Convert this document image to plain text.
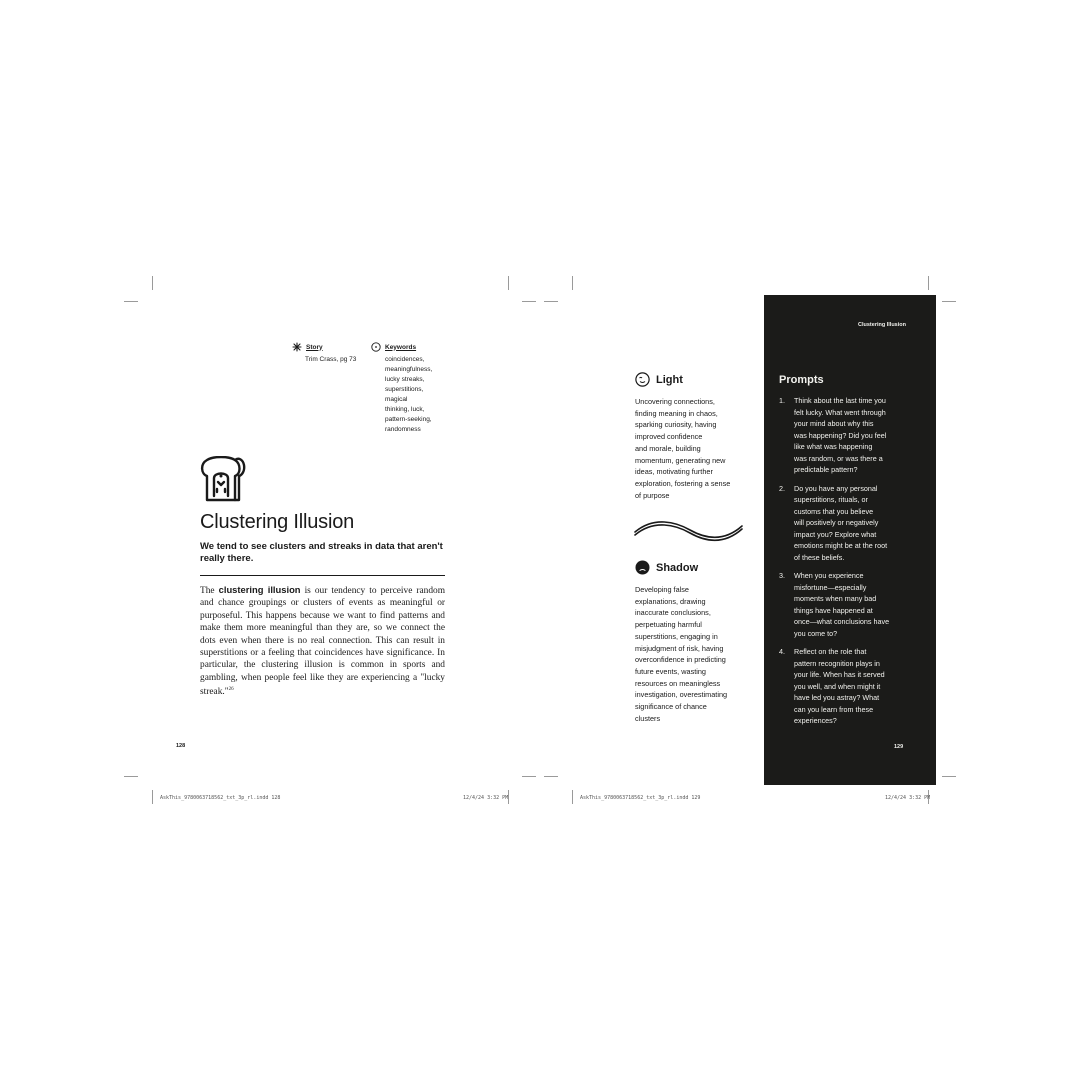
Story
Trim Crass, pg 73
Keywords
coincidences,
meaningfulness,
lucky streaks,
superstitions,
magical
thinking, luck,
pattern-seeking,
randomness
Clustering Illusion
We tend to see clusters and streaks in data that aren't
really there.
The clustering illusion is our tendency to perceive random and chance groupings or clusters of events as meaningful or purposeful. This happens because we want to find patterns and make them more meaningful than they are, so we connect the dots even when there is no real connection. This can result in superstitions or a feeling that coincidences have significance. In particular, the clustering illusion is common in sports and gambling, when people feel like they are experiencing a "lucky streak."$^{26}$
128
AskThis_9780063718562_txt_3p_rl.indd 128	12/4/24 3:32 PM
Light
Uncovering connections,
finding meaning in chaos,
sparking curiosity, having
improved confidence
and morale, building
momentum, generating new
ideas, motivating further
exploration, fostering a sense
of purpose
Shadow
Developing false
explanations, drawing
inaccurate conclusions,
perpetuating harmful
superstitions, engaging in
misjudgment of risk, having
overconfidence in predicting
future events, wasting
resources on meaningless
investigation, overestimating
significance of chance
clusters
Clustering Illusion
Prompts
1.	Think about the last time you
felt lucky. What went through
your mind about why this
was happening? Did you feel
like what was happening
was random, or was there a
predictable pattern?
2.	Do you have any personal
superstitions, rituals, or
customs that you believe
will positively or negatively
impact you? Explore what
emotions might be at the root
of these beliefs.
3.	When you experience
misfortune—especially
moments when many bad
things have happened at
once—what conclusions have
you come to?
4.	Reflect on the role that
pattern recognition plays in
your life. When has it served
you well, and when might it
have led you astray? What
can you learn from these
experiences?
129
AskThis_9780063718562_txt_3p_rl.indd 129	12/4/24 3:32 PM
